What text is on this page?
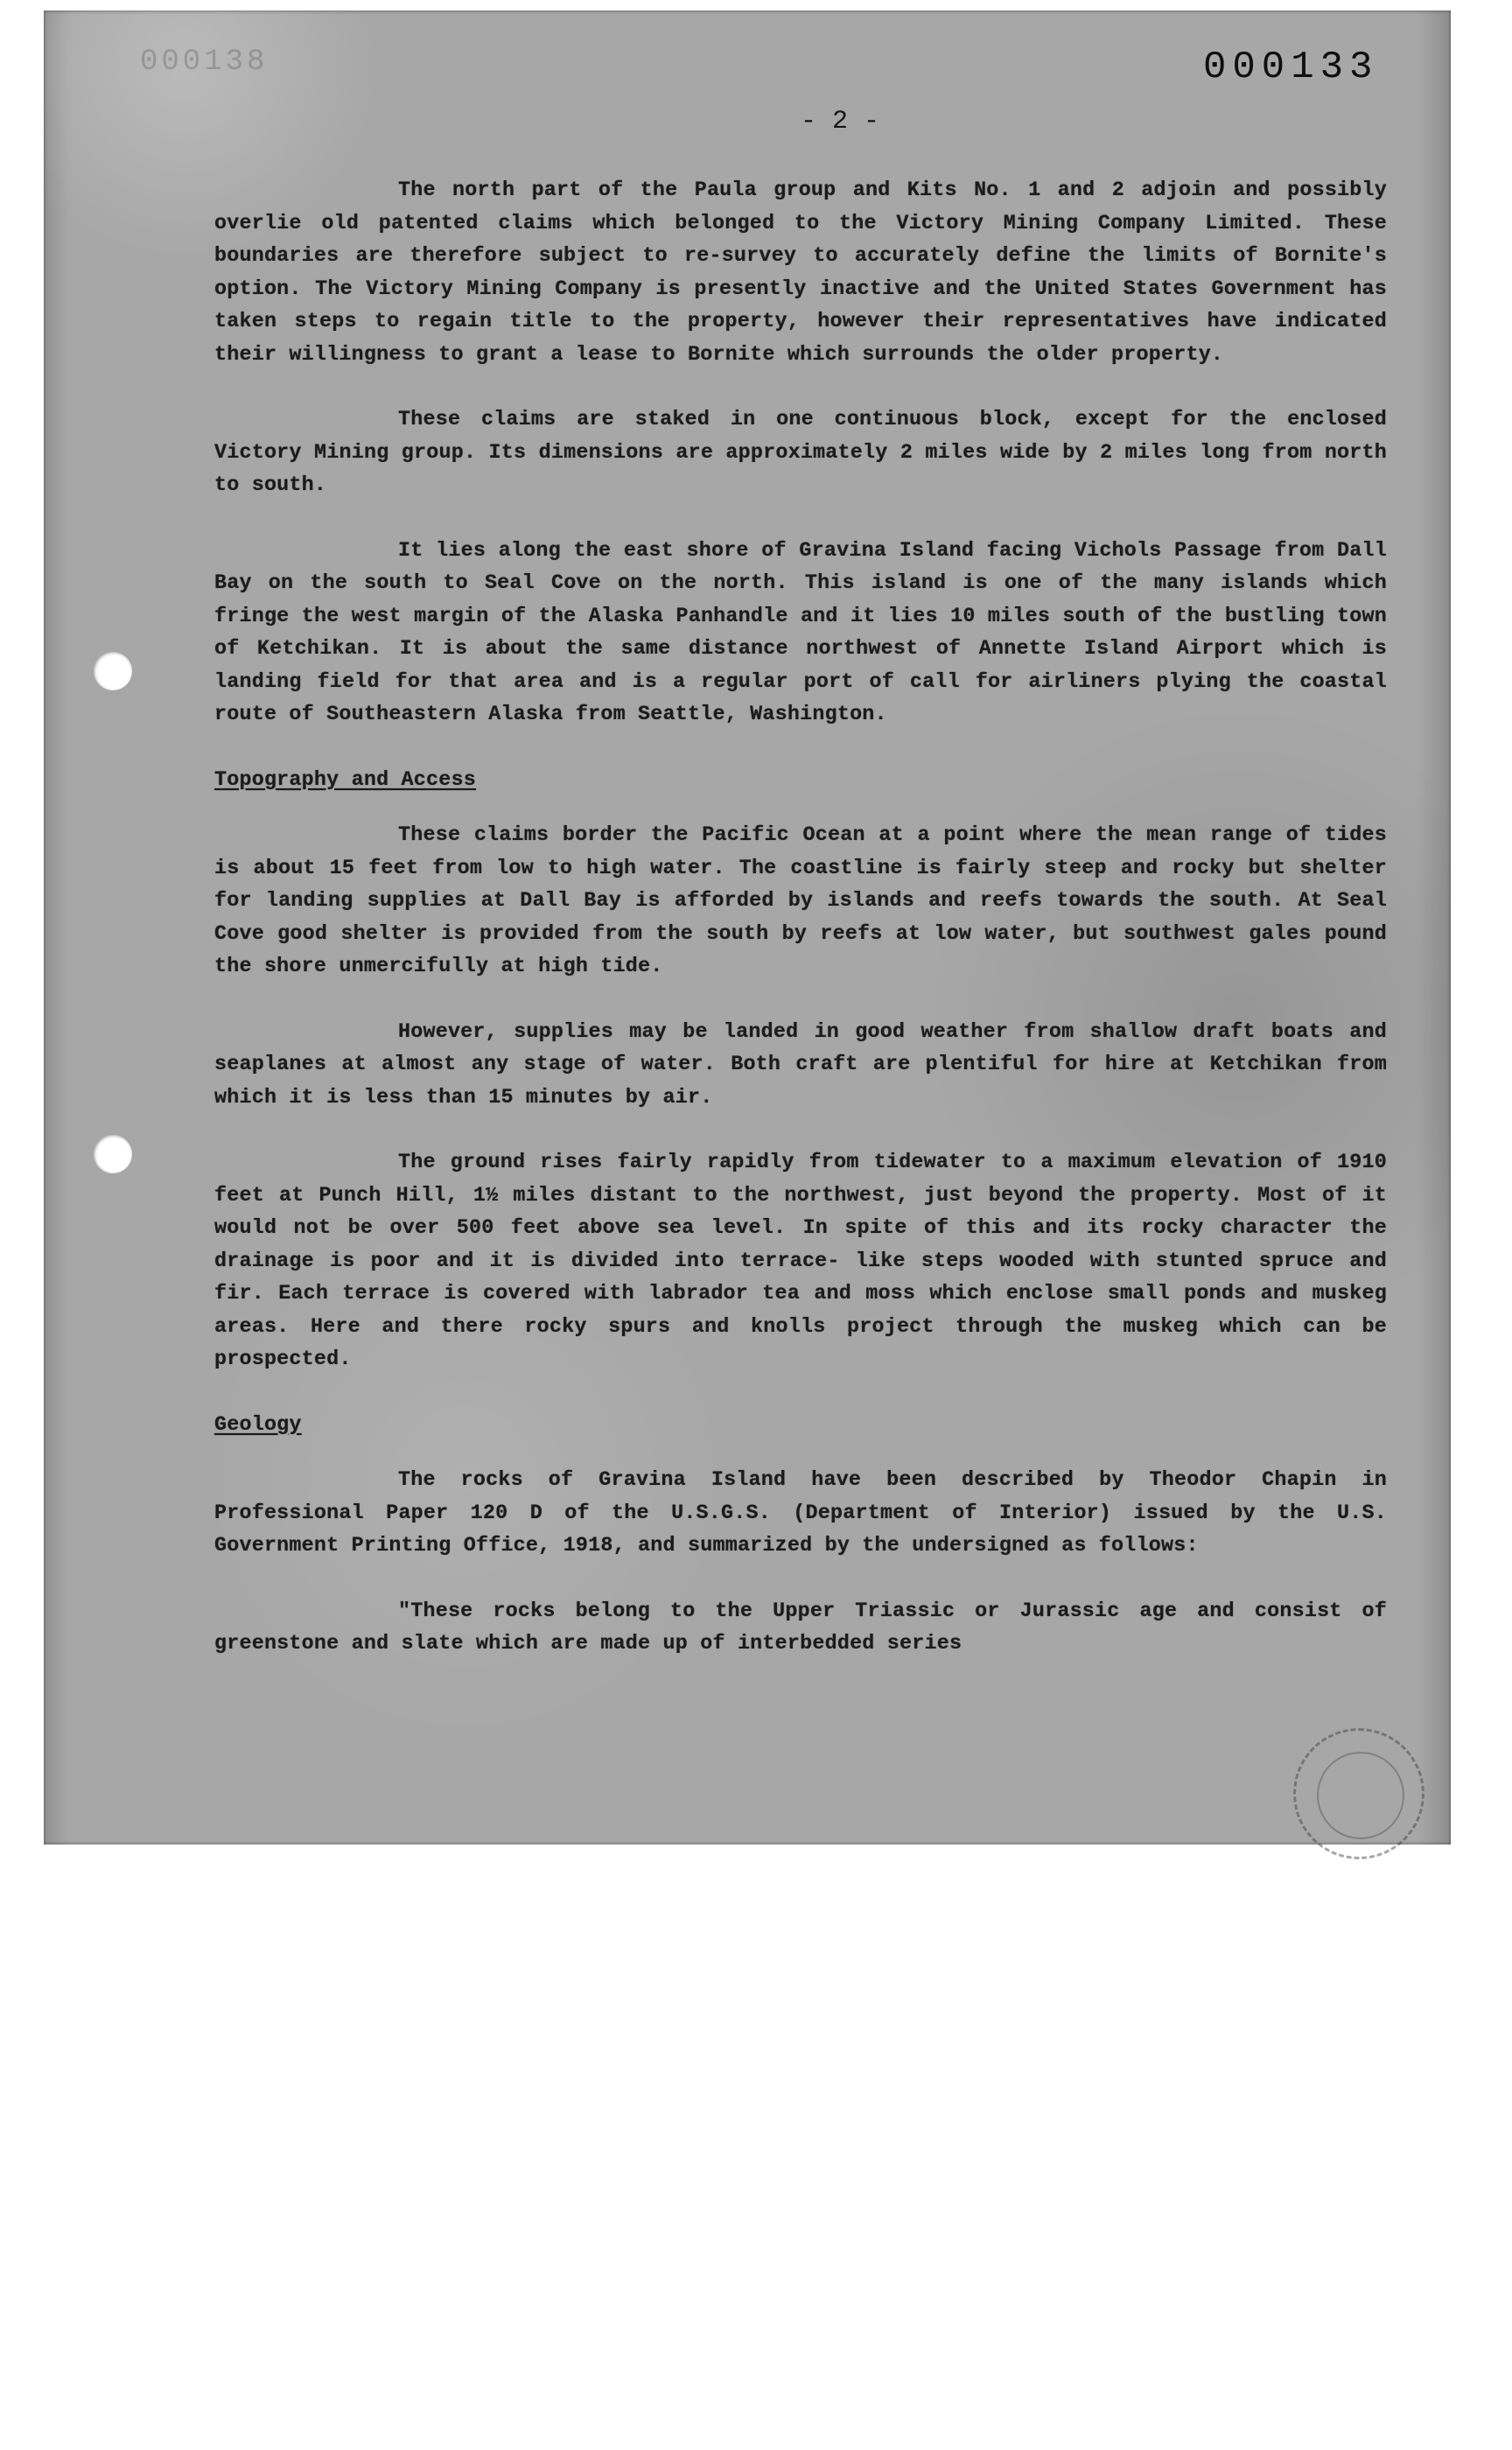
000138	000133
- 2 -

The north part of the Paula group and Kits No. 1 and 2 adjoin and possibly overlie old patented claims which belonged to the Victory Mining Company Limited. These boundaries are therefore subject to re-survey to accurately define the limits of Bornite's option. The Victory Mining Company is presently inactive and the United States Government has taken steps to regain title to the property, however their representatives have indicated their willingness to grant a lease to Bornite which surrounds the older property.

These claims are staked in one continuous block, except for the enclosed Victory Mining group. Its dimensions are approximately 2 miles wide by 2 miles long from north to south.

It lies along the east shore of Gravina Island facing Vichols Passage from Dall Bay on the south to Seal Cove on the north. This island is one of the many islands which fringe the west margin of the Alaska Panhandle and it lies 10 miles south of the bustling town of Ketchikan. It is about the same distance northwest of Annette Island Airport which is landing field for that area and is a regular port of call for airliners plying the coastal route of Southeastern Alaska from Seattle, Washington.

Topography and Access

These claims border the Pacific Ocean at a point where the mean range of tides is about 15 feet from low to high water. The coastline is fairly steep and rocky but shelter for landing supplies at Dall Bay is afforded by islands and reefs towards the south. At Seal Cove good shelter is provided from the south by reefs at low water, but southwest gales pound the shore unmercifully at high tide.

However, supplies may be landed in good weather from shallow draft boats and seaplanes at almost any stage of water. Both craft are plentiful for hire at Ketchikan from which it is less than 15 minutes by air.

The ground rises fairly rapidly from tidewater to a maximum elevation of 1910 feet at Punch Hill, 1½ miles distant to the northwest, just beyond the property. Most of it would not be over 500 feet above sea level. In spite of this and its rocky character the drainage is poor and it is divided into terrace- like steps wooded with stunted spruce and fir. Each terrace is covered with labrador tea and moss which enclose small ponds and muskeg areas. Here and there rocky spurs and knolls project through the muskeg which can be prospected.

Geology

The rocks of Gravina Island have been described by Theodor Chapin in Professional Paper 120 D of the U.S.G.S. (Department of Interior) issued by the U.S. Government Printing Office, 1918, and summarized by the undersigned as follows:

"These rocks belong to the Upper Triassic or Jurassic age and consist of greenstone and slate which are made up of interbedded series
